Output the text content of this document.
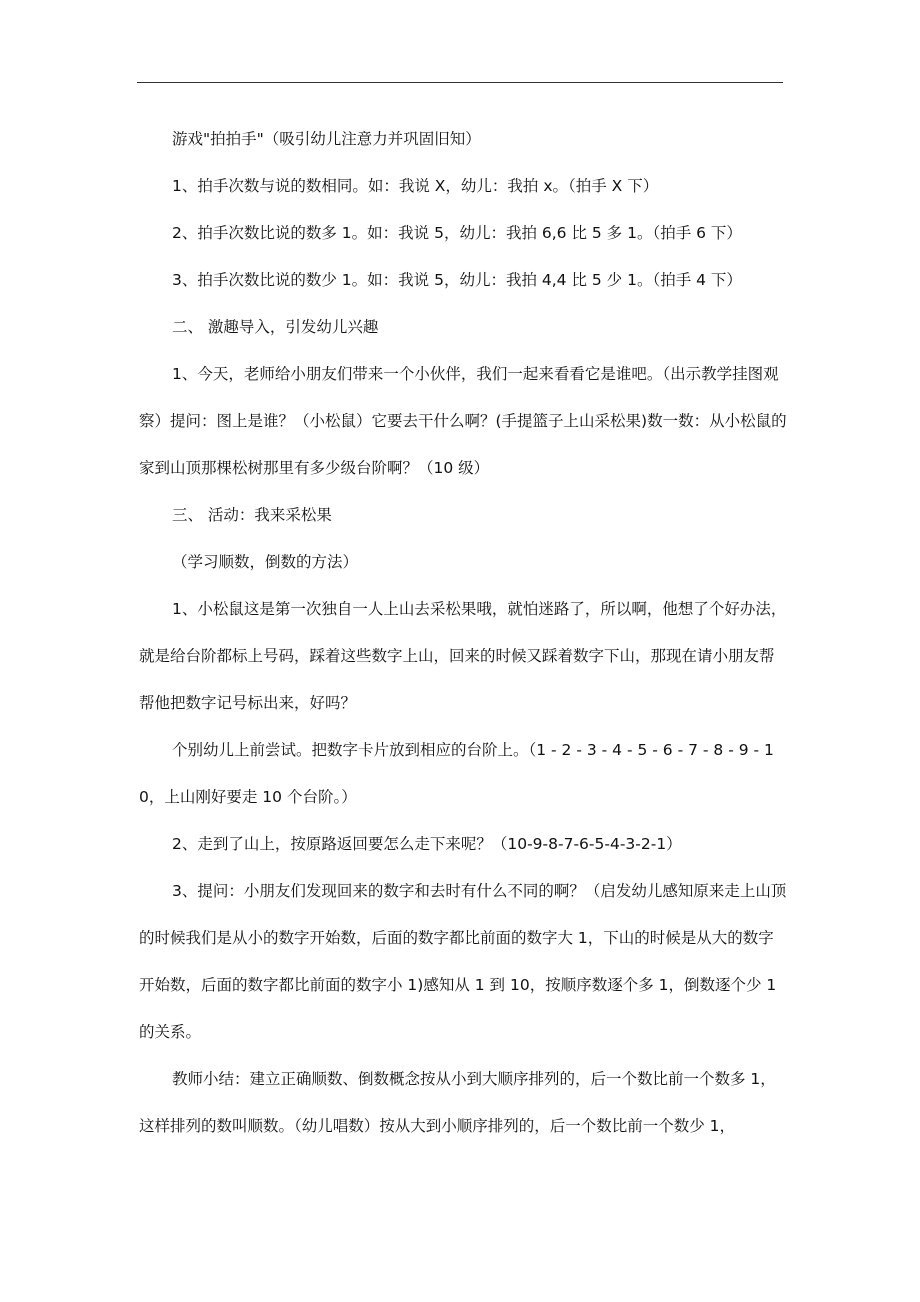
游戏"拍拍手"（吸引幼儿注意力并巩固旧知）

1、拍手次数与说的数相同。如：我说 X，幼儿：我拍 x。（拍手 X 下）

2、拍手次数比说的数多 1。如：我说 5，幼儿：我拍 6,6 比 5 多 1。（拍手 6 下）

3、拍手次数比说的数少 1。如：我说 5，幼儿：我拍 4,4 比 5 少 1。（拍手 4 下）

二、 激趣导入，引发幼儿兴趣

1、今天，老师给小朋友们带来一个小伙伴，我们一起来看看它是谁吧。（出示教学挂图观察）提问：图上是谁？（小松鼠）它要去干什么啊？(手提篮子上山采松果)数一数：从小松鼠的家到山顶那棵松树那里有多少级台阶啊？（10 级）

三、 活动：我来采松果

（学习顺数，倒数的方法）

1、小松鼠这是第一次独自一人上山去采松果哦，就怕迷路了，所以啊，他想了个好办法，就是给台阶都标上号码，踩着这些数字上山，回来的时候又踩着数字下山，那现在请小朋友帮帮他把数字记号标出来，好吗？

个别幼儿上前尝试。把数字卡片放到相应的台阶上。（1 - 2 - 3 - 4 - 5 - 6 - 7 - 8 - 9 - 10，上山刚好要走 10 个台阶。）

2、走到了山上，按原路返回要怎么走下来呢？（10-9-8-7-6-5-4-3-2-1）

3、提问：小朋友们发现回来的数字和去时有什么不同的啊？（启发幼儿感知原来走上山顶的时候我们是从小的数字开始数，后面的数字都比前面的数字大 1，下山的时候是从大的数字开始数，后面的数字都比前面的数字小 1)感知从 1 到 10，按顺序数逐个多 1，倒数逐个少 1 的关系。

教师小结：建立正确顺数、倒数概念按从小到大顺序排列的，后一个数比前一个数多 1，这样排列的数叫顺数。（幼儿唱数）按从大到小顺序排列的，后一个数比前一个数少 1，
